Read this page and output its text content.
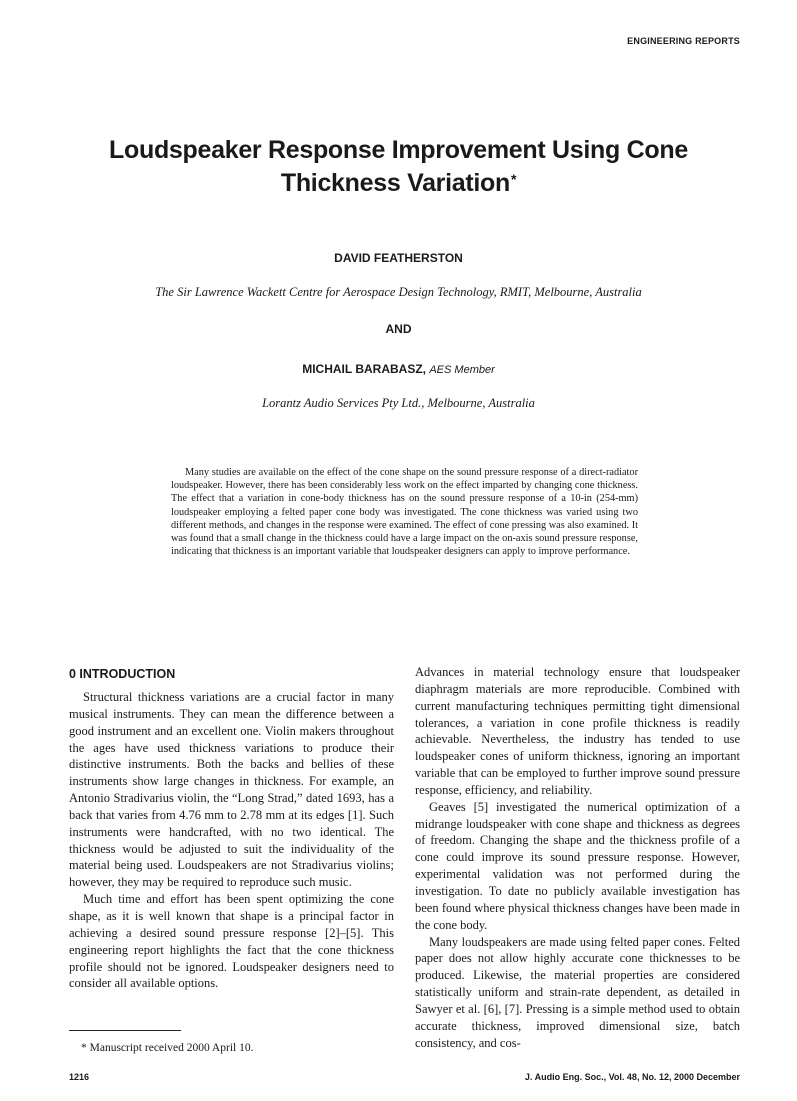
ENGINEERING REPORTS
Loudspeaker Response Improvement Using Cone
Thickness Variation*
DAVID FEATHERSTON
The Sir Lawrence Wackett Centre for Aerospace Design Technology, RMIT, Melbourne, Australia
AND
MICHAIL BARABASZ, AES Member
Lorantz Audio Services Pty Ltd., Melbourne, Australia

Many studies are available on the effect of the cone shape on the sound pressure response of a direct-radiator loudspeaker. However, there has been considerably less work on the effect imparted by changing cone thickness. The effect that a variation in cone-body thickness has on the sound pressure response of a 10-in (254-mm) loudspeaker employing a felted paper cone body was investigated. The cone thickness was varied using two different methods, and changes in the response were examined. The effect of cone pressing was also examined. It was found that a small change in the thickness could have a large impact on the on-axis sound pressure response, indicating that thickness is an important variable that loudspeaker designers can apply to improve performance.

0 INTRODUCTION

Structural thickness variations are a crucial factor in many musical instruments. They can mean the difference between a good instrument and an excellent one. Violin makers throughout the ages have used thickness variations to produce their distinctive instruments. Both the backs and bellies of these instruments show large changes in thickness. For example, an Antonio Stradivarius violin, the “Long Strad,” dated 1693, has a back that varies from 4.76 mm to 2.78 mm at its edges [1]. Such instruments were handcrafted, with no two identical. The thickness would be adjusted to suit the individuality of the material being used. Loudspeakers are not Stradivarius violins; however, they may be required to reproduce such music.

Much time and effort has been spent optimizing the cone shape, as it is well known that shape is a principal factor in achieving a desired sound pressure response [2]–[5]. This engineering report highlights the fact that the cone thickness profile should not be ignored. Loudspeaker designers need to consider all available options.

Advances in material technology ensure that loudspeaker diaphragm materials are more reproducible. Combined with current manufacturing techniques permitting tight dimensional tolerances, a variation in cone profile thickness is readily achievable. Nevertheless, the industry has tended to use loudspeaker cones of uniform thickness, ignoring an important variable that can be employed to further improve sound pressure response, efficiency, and reliability.

Geaves [5] investigated the numerical optimization of a midrange loudspeaker with cone shape and thickness as degrees of freedom. Changing the shape and the thickness profile of a cone could improve its sound pressure response. However, experimental validation was not performed during the investigation. To date no publicly available investigation has been found where physical thickness changes have been made in the cone body.

Many loudspeakers are made using felted paper cones. Felted paper does not allow highly accurate cone thicknesses to be produced. Likewise, the material properties are considered statistically uniform and strain-rate dependent, as detailed in Sawyer et al. [6], [7]. Pressing is a simple method used to obtain accurate thickness, improved dimensional size, batch consistency, and cos-

* Manuscript received 2000 April 10.
1216	J. Audio Eng. Soc., Vol. 48, No. 12, 2000 December
